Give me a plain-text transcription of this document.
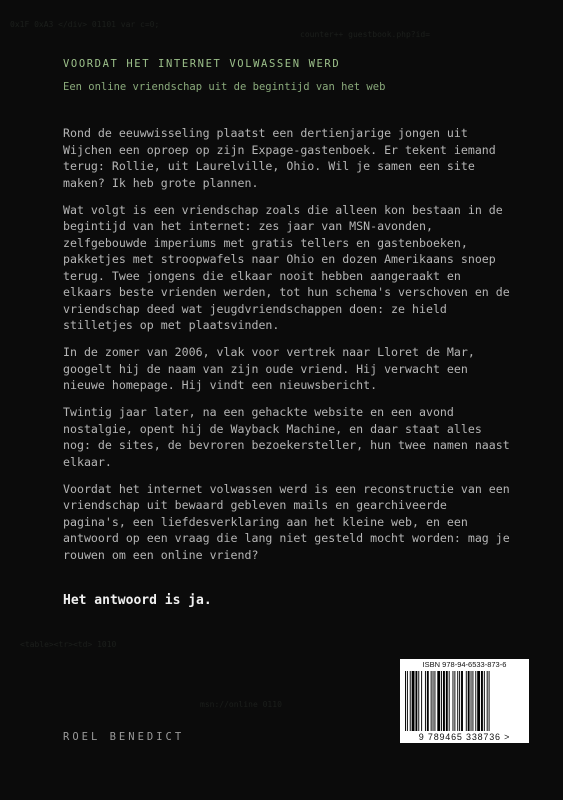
0x1F 0xA3 </div> 01101 var c=0;
counter++ guestbook.php?id=
<table><tr><td> 1010
msn://online 0110
VOORDAT HET INTERNET VOLWASSEN WERD
Een online vriendschap uit de begintijd van het web

Rond de eeuwwisseling plaatst een dertienjarige jongen uit Wijchen een oproep op zijn Expage-gastenboek. Er tekent iemand terug: Rollie, uit Laurelville, Ohio. Wil je samen een site maken? Ik heb grote plannen.

Wat volgt is een vriendschap zoals die alleen kon bestaan in de begintijd van het internet: zes jaar van MSN-avonden, zelfgebouwde imperiums met gratis tellers en gastenboeken, pakketjes met stroopwafels naar Ohio en dozen Amerikaans snoep terug. Twee jongens die elkaar nooit hebben aangeraakt en elkaars beste vrienden werden, tot hun schema's verschoven en de vriendschap deed wat jeugdvriendschappen doen: ze hield stilletjes op met plaatsvinden.

In de zomer van 2006, vlak voor vertrek naar Lloret de Mar, googelt hij de naam van zijn oude vriend. Hij verwacht een nieuwe homepage. Hij vindt een nieuwsbericht.

Twintig jaar later, na een gehackte website en een avond nostalgie, opent hij de Wayback Machine, en daar staat alles nog: de sites, de bevroren bezoekersteller, hun twee namen naast elkaar.

Voordat het internet volwassen werd is een reconstructie van een vriendschap uit bewaard gebleven mails en gearchiveerde pagina's, een liefdesverklaring aan het kleine web, en een antwoord op een vraag die lang niet gesteld mocht worden: mag je rouwen om een online vriend?

Het antwoord is ja.
ROEL BENEDICT
ISBN 978-94-6533-873-6
9 789465 338736 >
